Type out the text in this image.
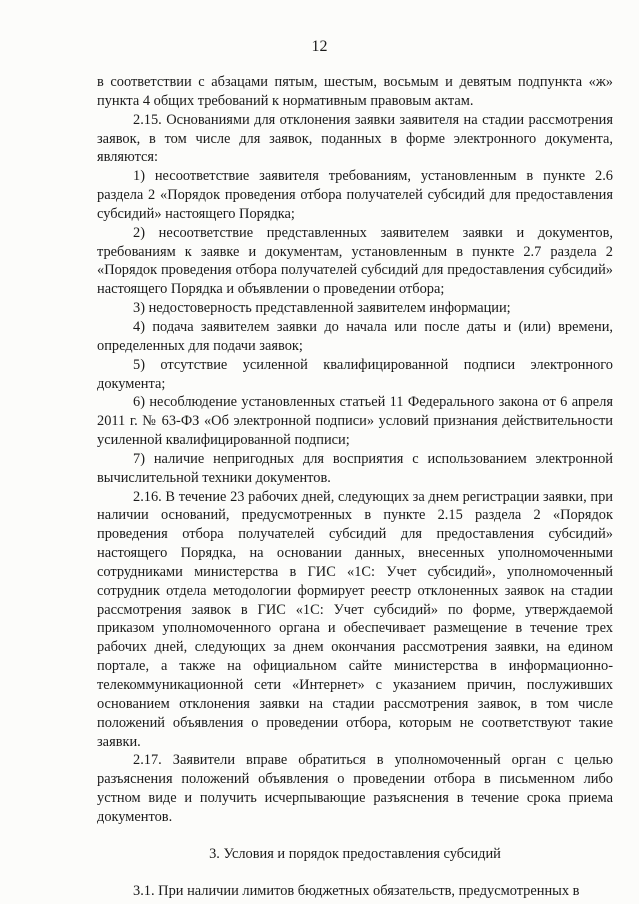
12

в соответствии с абзацами пятым, шестым, восьмым и девятым подпункта «ж» пункта 4 общих требований к нормативным правовым актам.

2.15. Основаниями для отклонения заявки заявителя на стадии рассмотрения заявок, в том числе для заявок, поданных в форме электронного документа, являются:

1) несоответствие заявителя требованиям, установленным в пункте 2.6 раздела 2 «Порядок проведения отбора получателей субсидий для предоставления субсидий» настоящего Порядка;

2) несоответствие представленных заявителем заявки и документов, требованиям к заявке и документам, установленным в пункте 2.7 раздела 2 «Порядок проведения отбора получателей субсидий для предоставления субсидий» настоящего Порядка и объявлении о проведении отбора;

3) недостоверность представленной заявителем информации;

4) подача заявителем заявки до начала или после даты и (или) времени, определенных для подачи заявок;

5) отсутствие усиленной квалифицированной подписи электронного документа;

6) несоблюдение установленных статьей 11 Федерального закона от 6 апреля 2011 г. № 63-ФЗ «Об электронной подписи» условий признания действительности усиленной квалифицированной подписи;

7) наличие непригодных для восприятия с использованием электронной вычислительной техники документов.

2.16. В течение 23 рабочих дней, следующих за днем регистрации заявки, при наличии оснований, предусмотренных в пункте 2.15 раздела 2 «Порядок проведения отбора получателей субсидий для предоставления субсидий» настоящего Порядка, на основании данных, внесенных уполномоченными сотрудниками министерства в ГИС «1С: Учет субсидий», уполномоченный сотрудник отдела методологии формирует реестр отклоненных заявок на стадии рассмотрения заявок в ГИС «1С: Учет субсидий» по форме, утверждаемой приказом уполномоченного органа и обеспечивает размещение в течение трех рабочих дней, следующих за днем окончания рассмотрения заявки, на едином портале, а также на официальном сайте министерства в информационно-телекоммуникационной сети «Интернет» с указанием причин, послуживших основанием отклонения заявки на стадии рассмотрения заявок, в том числе положений объявления о проведении отбора, которым не соответствуют такие заявки.

2.17. Заявители вправе обратиться в уполномоченный орган с целью разъяснения положений объявления о проведении отбора в письменном либо устном виде и получить исчерпывающие разъяснения в течение срока приема документов.

3. Условия и порядок предоставления субсидий

3.1. При наличии лимитов бюджетных обязательств, предусмотренных в
